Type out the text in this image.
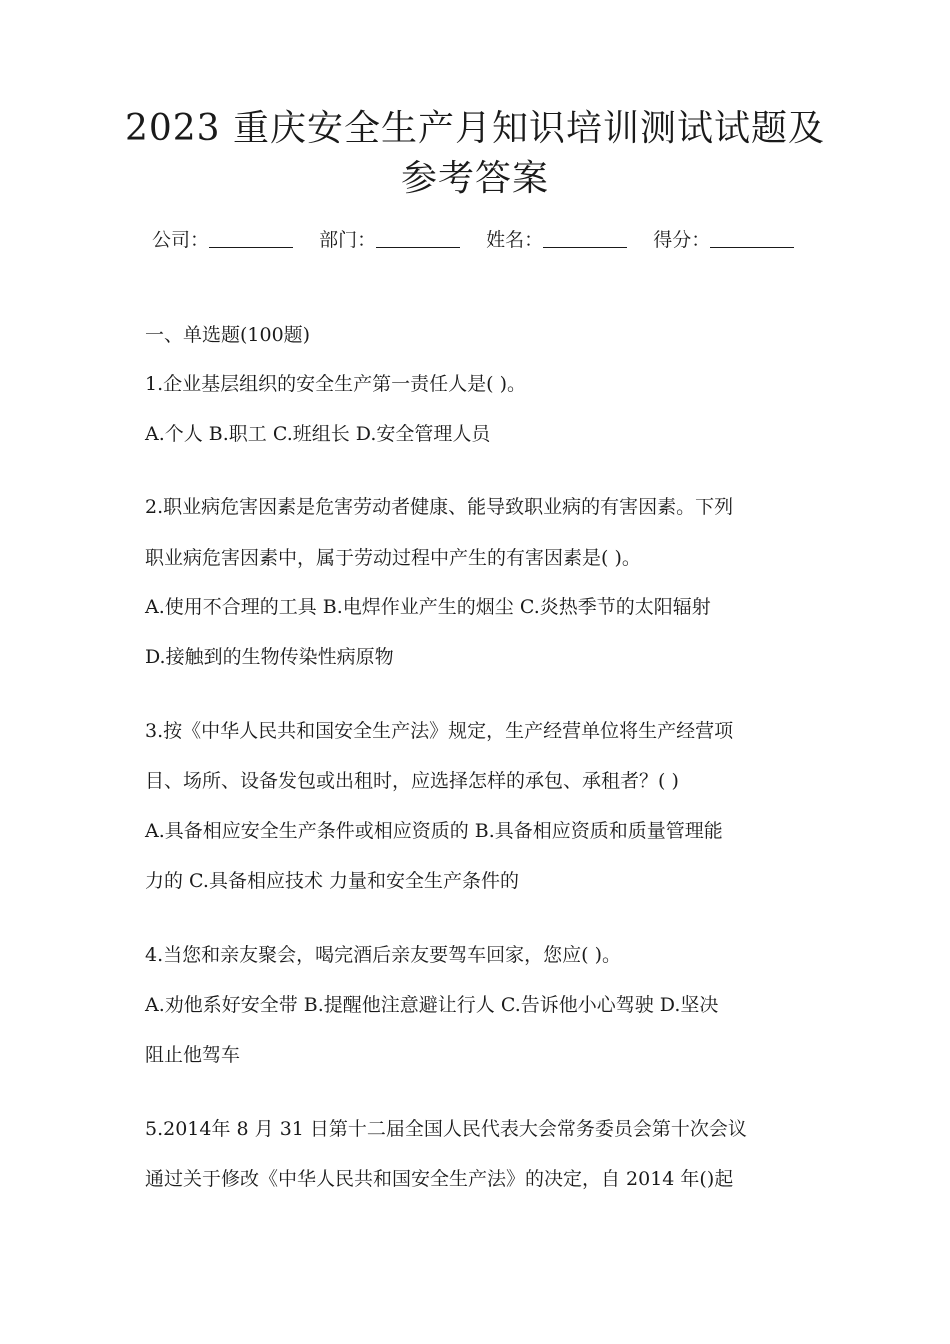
2023 重庆安全生产月知识培训测试试题及
参考答案
公司：	部门：	姓名：	得分：
一、单选题(100题)
1.企业基层组织的安全生产第一责任人是( )。
A.个人 B.职工 C.班组长 D.安全管理人员
2.职业病危害因素是危害劳动者健康、能导致职业病的有害因素。下列
职业病危害因素中，属于劳动过程中产生的有害因素是( )。
A.使用不合理的工具 B.电焊作业产生的烟尘 C.炎热季节的太阳辐射
D.接触到的生物传染性病原物
3.按《中华人民共和国安全生产法》规定，生产经营单位将生产经营项
目、场所、设备发包或出租时，应选择怎样的承包、承租者？( )
A.具备相应安全生产条件或相应资质的 B.具备相应资质和质量管理能
力的 C.具备相应技术 力量和安全生产条件的
4.当您和亲友聚会，喝完酒后亲友要驾车回家，您应( )。
A.劝他系好安全带 B.提醒他注意避让行人 C.告诉他小心驾驶 D.坚决
阻止他驾车
5.2014年 8 月 31 日第十二届全国人民代表大会常务委员会第十次会议
通过关于修改《中华人民共和国安全生产法》的决定，自 2014 年()起
